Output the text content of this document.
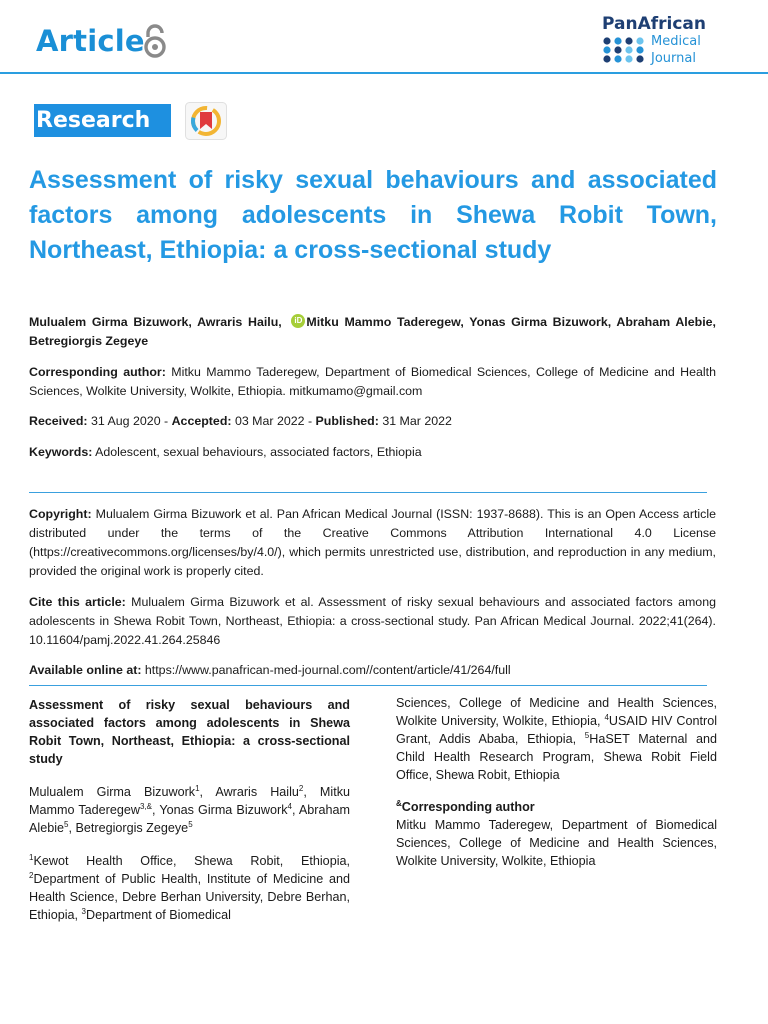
Article	PanAfrican
Medical
Journal
Research
Assessment of risky sexual behaviours and associated factors among adolescents in Shewa Robit Town, Northeast, Ethiopia: a cross-sectional study

Mulualem Girma Bizuwork, Awraris Hailu, iD Mitku Mammo Taderegew, Yonas Girma Bizuwork, Abraham Alebie, Betregiorgis Zegeye

Corresponding author: Mitku Mammo Taderegew, Department of Biomedical Sciences, College of Medicine and Health Sciences, Wolkite University, Wolkite, Ethiopia. mitkumamo@gmail.com

Received: 31 Aug 2020 - Accepted: 03 Mar 2022 - Published: 31 Mar 2022

Keywords: Adolescent, sexual behaviours, associated factors, Ethiopia

Copyright: Mulualem Girma Bizuwork et al. Pan African Medical Journal (ISSN: 1937-8688). This is an Open Access article distributed under the terms of the Creative Commons Attribution International 4.0 License (https://creativecommons.org/licenses/by/4.0/), which permits unrestricted use, distribution, and reproduction in any medium, provided the original work is properly cited.

Cite this article: Mulualem Girma Bizuwork et al. Assessment of risky sexual behaviours and associated factors among adolescents in Shewa Robit Town, Northeast, Ethiopia: a cross-sectional study. Pan African Medical Journal. 2022;41(264). 10.11604/pamj.2022.41.264.25846

Available online at: https://www.panafrican-med-journal.com//content/article/41/264/full

Assessment of risky sexual behaviours and associated factors among adolescents in Shewa Robit Town, Northeast, Ethiopia: a cross-sectional study

Mulualem Girma Bizuwork$^1$, Awraris Hailu$^2$, Mitku Mammo Taderegew$^{3,\&}$, Yonas Girma Bizuwork$^4$, Abraham Alebie$^5$, Betregiorgis Zegeye$^5$

$^1$Kewot Health Office, Shewa Robit, Ethiopia, $^2$Department of Public Health, Institute of Medicine and Health Science, Debre Berhan University, Debre Berhan, Ethiopia, $^3$Department of Biomedical

Sciences, College of Medicine and Health Sciences, Wolkite University, Wolkite, Ethiopia, $^4$USAID HIV Control Grant, Addis Ababa, Ethiopia, $^5$HaSET Maternal and Child Health Research Program, Shewa Robit Field Office, Shewa Robit, Ethiopia

&Corresponding author

Mitku Mammo Taderegew, Department of Biomedical Sciences, College of Medicine and Health Sciences, Wolkite University, Wolkite, Ethiopia
